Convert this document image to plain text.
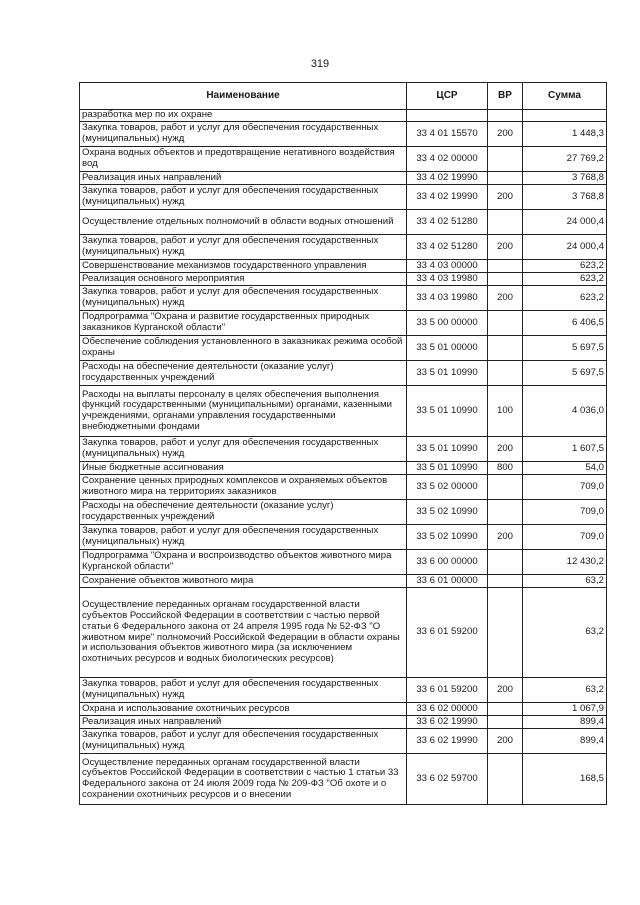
319
Наименование	ЦСР	ВР	Сумма
разработка мер по их охране			
Закупка товаров, работ и услуг для обеспечения государственных (муниципальных) нужд	33 4 01 15570	200	1 448,3
Охрана водных объектов и предотвращение негативного воздействия вод	33 4 02 00000		27 769,2
Реализация иных направлений	33 4 02 19990		3 768,8
Закупка товаров, работ и услуг для обеспечения государственных (муниципальных) нужд	33 4 02 19990	200	3 768,8
Осуществление отдельных полномочий в области водных отношений	33 4 02 51280		24 000,4
Закупка товаров, работ и услуг для обеспечения государственных (муниципальных) нужд	33 4 02 51280	200	24 000,4
Совершенствование механизмов государственного управления	33 4 03 00000		623,2
Реализация основного мероприятия	33 4 03 19980		623,2
Закупка товаров, работ и услуг для обеспечения государственных (муниципальных) нужд	33 4 03 19980	200	623,2
Подпрограмма "Охрана и развитие государственных природных заказников Курганской области"	33 5 00 00000		6 406,5
Обеспечение соблюдения установленного в заказниках режима особой охраны	33 5 01 00000		5 697,5
Расходы на обеспечение деятельности (оказание услуг) государственных учреждений	33 5 01 10990		5 697,5
Расходы на выплаты персоналу в целях обеспечения выполнения функций государственными (муниципальными) органами, казенными учреждениями, органами управления государственными внебюджетными фондами	33 5 01 10990	100	4 036,0
Закупка товаров, работ и услуг для обеспечения государственных (муниципальных) нужд	33 5 01 10990	200	1 607,5
Иные бюджетные ассигнования	33 5 01 10990	800	54,0
Сохранение ценных природных комплексов и охраняемых объектов животного мира на территориях заказников	33 5 02 00000		709,0
Расходы на обеспечение деятельности (оказание услуг) государственных учреждений	33 5 02 10990		709,0
Закупка товаров, работ и услуг для обеспечения государственных (муниципальных) нужд	33 5 02 10990	200	709,0
Подпрограмма "Охрана и воспроизводство объектов животного мира Курганской области"	33 6 00 00000		12 430,2
Сохранение объектов животного мира	33 6 01 00000		63,2
Осуществление переданных органам государственной власти субъектов Российской Федерации в соответствии с частью первой статьи 6 Федерального закона от 24 апреля 1995 года № 52-ФЗ "О животном мире" полномочий Российской Федерации в области охраны и использования объектов животного мира (за исключением охотничьих ресурсов и водных биологических ресурсов)	33 6 01 59200		63,2
Закупка товаров, работ и услуг для обеспечения государственных (муниципальных) нужд	33 6 01 59200	200	63,2
Охрана и использование охотничьих ресурсов	33 6 02 00000		1 067,9
Реализация иных направлений	33 6 02 19990		899,4
Закупка товаров, работ и услуг для обеспечения государственных (муниципальных) нужд	33 6 02 19990	200	899,4
Осуществление переданных органам государственной власти субъектов Российской Федерации в соответствии с частью 1 статьи 33 Федерального закона от 24 июля 2009 года № 209-ФЗ "Об охоте и о сохранении охотничьих ресурсов и о внесении	33 6 02 59700		168,5
